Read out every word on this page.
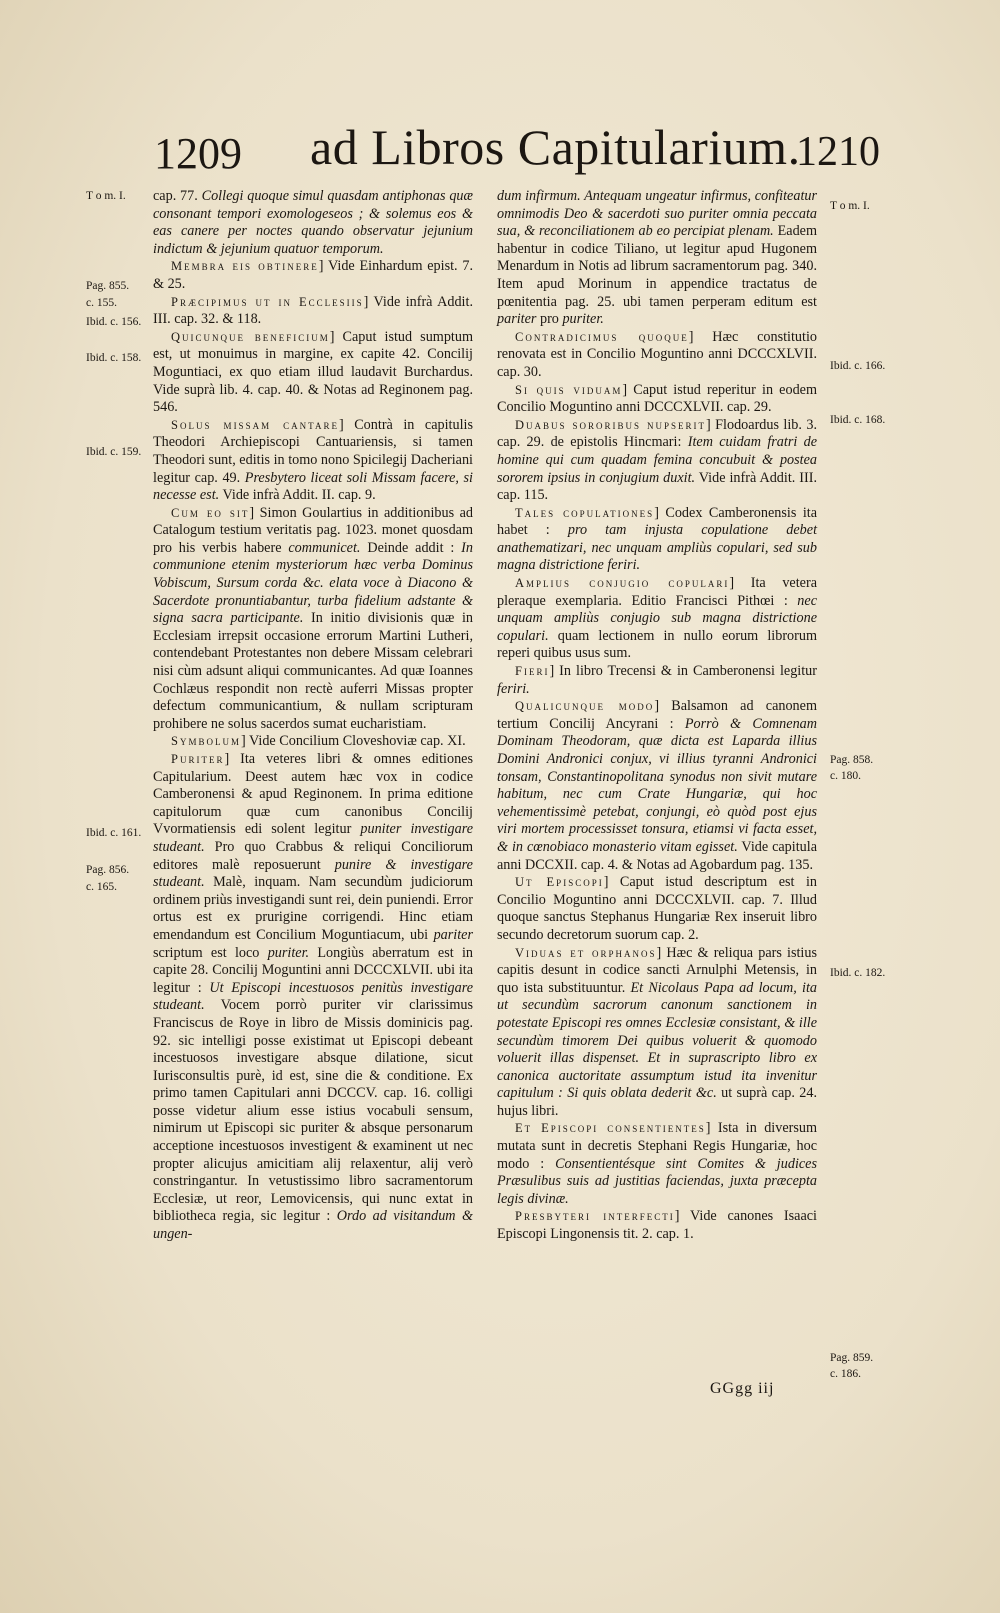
1209 ad Libros Capitularium.
1210
T o m. I.
Pag. 855.
c. 155.
Ibid. c. 156.
Ibid. c. 158.
Ibid. c. 159.
Ibid. c. 161.
Pag. 856.
c. 165.
T o m. I.
Ibid. c. 166.
Ibid. c. 168.
Pag. 858.
c. 180.
Ibid. c. 182.
Pag. 859.
c. 186.

cap. 77. Collegi quoque simul quasdam antiphonas quæ consonant tempori exomologeseos ; & solemus eos & eas canere per noctes quando observatur jejunium indictum & jejunium quatuor temporum.

Membra eis obtinere] Vide Einhardum epist. 7. & 25.

Præcipimus ut in Ecclesiis] Vide infrà Addit. III. cap. 32. & 118.

Quicunque beneficium] Caput istud sumptum est, ut monuimus in margine, ex capite 42. Concilij Moguntiaci, ex quo etiam illud laudavit Burchardus. Vide suprà lib. 4. cap. 40. & Notas ad Reginonem pag. 546.

Solus missam cantare] Contrà in capitulis Theodori Archiepiscopi Cantuariensis, si tamen Theodori sunt, editis in tomo nono Spicilegij Dacheriani legitur cap. 49. Presbytero liceat soli Missam facere, si necesse est. Vide infrà Addit. II. cap. 9.

Cum eo sit] Simon Goulartius in additionibus ad Catalogum testium veritatis pag. 1023. monet quosdam pro his verbis habere communicet. Deinde addit : In communione etenim mysteriorum hæc verba Dominus Vobiscum, Sursum corda &c. elata voce à Diacono & Sacerdote pronuntiabantur, turba fidelium adstante & signa sacra participante. In initio divisionis quæ in Ecclesiam irrepsit occasione errorum Martini Lutheri, contendebant Protestantes non debere Missam celebrari nisi cùm adsunt aliqui communicantes. Ad quæ Ioannes Cochlæus respondit non rectè auferri Missas propter defectum communicantium, & nullam scripturam prohibere ne solus sacerdos sumat eucharistiam.

Symbolum] Vide Concilium Cloveshoviæ cap. XI.

Puriter] Ita veteres libri & omnes editiones Capitularium. Deest autem hæc vox in codice Camberonensi & apud Reginonem. In prima editione capitulorum quæ cum canonibus Concilij Vvormatiensis edi solent legitur puniter investigare studeant. Pro quo Crabbus & reliqui Conciliorum editores malè reposuerunt punire & investigare studeant. Malè, inquam. Nam secundùm judiciorum ordinem priùs investigandi sunt rei, dein puniendi. Error ortus est ex prurigine corrigendi. Hinc etiam emendandum est Concilium Moguntiacum, ubi pariter scriptum est loco puriter. Longiùs aberratum est in capite 28. Concilij Moguntini anni DCCCXLVII. ubi ita legitur : Ut Episcopi incestuosos penitùs investigare studeant. Vocem porrò puriter vir clarissimus Franciscus de Roye in libro de Missis dominicis pag. 92. sic intelligi posse existimat ut Episcopi debeant incestuosos investigare absque dilatione, sicut Iurisconsultis purè, id est, sine die & conditione. Ex primo tamen Capitulari anni DCCCV. cap. 16. colligi posse videtur alium esse istius vocabuli sensum, nimirum ut Episcopi sic puriter & absque personarum acceptione incestuosos investigent & examinent ut nec propter alicujus amicitiam alij relaxentur, alij verò constringantur. In vetustissimo libro sacramentorum Ecclesiæ, ut reor, Lemovicensis, qui nunc extat in bibliotheca regia, sic legitur : Ordo ad visitandum & ungen-

dum infirmum. Antequam ungeatur infirmus, confiteatur omnimodis Deo & sacerdoti suo puriter omnia peccata sua, & reconciliationem ab eo percipiat plenam. Eadem habentur in codice Tiliano, ut legitur apud Hugonem Menardum in Notis ad librum sacramentorum pag. 340. Item apud Morinum in appendice tractatus de pœnitentia pag. 25. ubi tamen perperam editum est pariter pro puriter.

Contradicimus quoque] Hæc constitutio renovata est in Concilio Moguntino anni DCCCXLVII. cap. 30.

Si quis viduam] Caput istud reperitur in eodem Concilio Moguntino anni DCCCXLVII. cap. 29.

Duabus sororibus nupserit] Flodoardus lib. 3. cap. 29. de epistolis Hincmari: Item cuidam fratri de homine qui cum quadam femina concubuit & postea sororem ipsius in conjugium duxit. Vide infrà Addit. III. cap. 115.

Tales copulationes] Codex Camberonensis ita habet : pro tam injusta copulatione debet anathematizari, nec unquam ampliùs copulari, sed sub magna districtione feriri.

Amplius conjugio copulari] Ita vetera pleraque exemplaria. Editio Francisci Pithœi : nec unquam ampliùs conjugio sub magna districtione copulari. quam lectionem in nullo eorum librorum reperi quibus usus sum.

Fieri] In libro Trecensi & in Camberonensi legitur feriri.

Qualicunque modo] Balsamon ad canonem tertium Concilij Ancyrani : Porrò & Comnenam Dominam Theodoram, quæ dicta est Laparda illius Domini Andronici conjux, vi illius tyranni Andronici tonsam, Constantinopolitana synodus non sivit mutare habitum, nec cum Crate Hungariæ, qui hoc vehementissimè petebat, conjungi, eò quòd post ejus viri mortem processisset tonsura, etiamsi vi facta esset, & in cœnobiaco monasterio vitam egisset. Vide capitula anni DCCXII. cap. 4. & Notas ad Agobardum pag. 135.

Ut Episcopi] Caput istud descriptum est in Concilio Moguntino anni DCCCXLVII. cap. 7. Illud quoque sanctus Stephanus Hungariæ Rex inseruit libro secundo decretorum suorum cap. 2.

Viduas et orphanos] Hæc & reliqua pars istius capitis desunt in codice sancti Arnulphi Metensis, in quo ista substituuntur. Et Nicolaus Papa ad locum, ita ut secundùm sacrorum canonum sanctionem in potestate Episcopi res omnes Ecclesiæ consistant, & ille secundùm timorem Dei quibus voluerit & quomodo voluerit illas dispenset. Et in suprascripto libro ex canonica auctoritate assumptum istud ita invenitur capitulum : Si quis oblata dederit &c. ut suprà cap. 24. hujus libri.

Et Episcopi consentientes] Ista in diversum mutata sunt in decretis Stephani Regis Hungariæ, hoc modo : Consentientésque sint Comites & judices Præsulibus suis ad justitias faciendas, juxta præcepta legis divinæ.

Presbyteri interfecti] Vide canones Isaaci Episcopi Lingonensis tit. 2. cap. 1.

GGgg iij
